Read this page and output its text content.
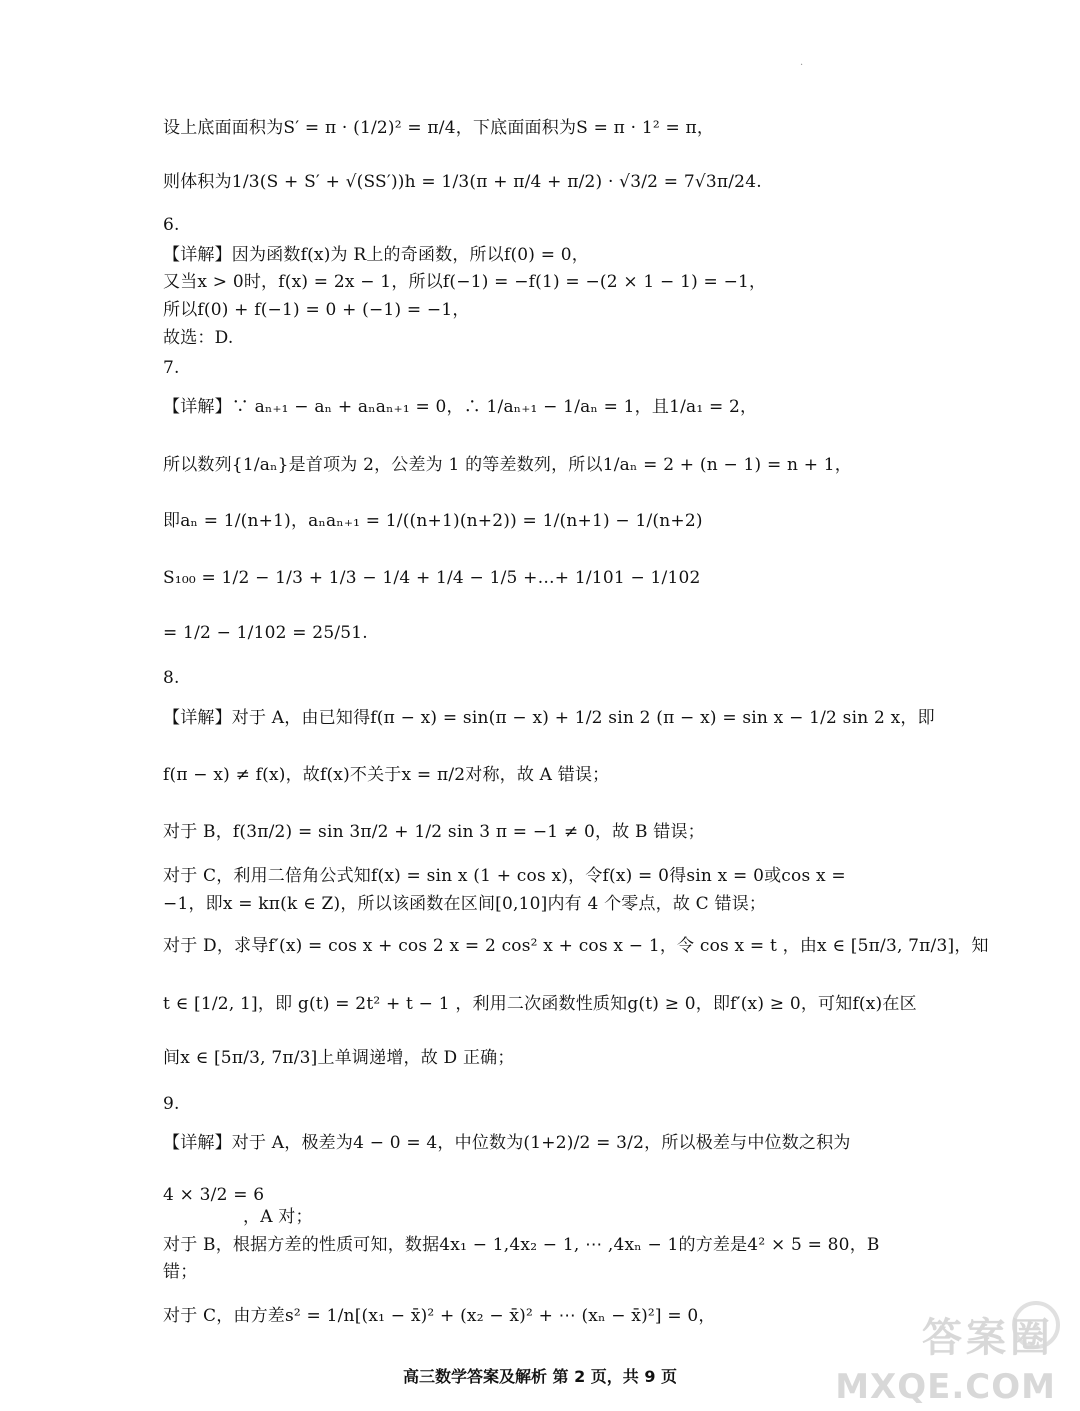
·
设上底面面积为S′ = π · (1/2)² = π/4，下底面面积为S = π · 1² = π，
则体积为1/3(S + S′ + √(SS′))h = 1/3(π + π/4 + π/2) · √3/2 = 7√3π/24.
6.
【详解】因为函数f(x)为 R上的奇函数，所以f(0) = 0，
又当x > 0时，f(x) = 2x − 1，所以f(−1) = −f(1) = −(2 × 1 − 1) = −1，
所以f(0) + f(−1) = 0 + (−1) = −1，
故选：D.
7.
【详解】∵ aₙ₊₁ − aₙ + aₙaₙ₊₁ = 0，∴ 1/aₙ₊₁ − 1/aₙ = 1，且1/a₁ = 2，
所以数列{1/aₙ}是首项为 2，公差为 1 的等差数列，所以1/aₙ = 2 + (n − 1) = n + 1，
即aₙ = 1/(n+1)，aₙaₙ₊₁ = 1/((n+1)(n+2)) = 1/(n+1) − 1/(n+2)
S₁₀₀ = 1/2 − 1/3 + 1/3 − 1/4 + 1/4 − 1/5 +…+ 1/101 − 1/102
= 1/2 − 1/102 = 25/51.
8.
【详解】对于 A，由已知得f(π − x) = sin(π − x) + 1/2 sin 2 (π − x) = sin x − 1/2 sin 2 x，即
f(π − x) ≠ f(x)，故f(x)不关于x = π/2对称，故 A 错误；
对于 B，f(3π/2) = sin 3π/2 + 1/2 sin 3 π = −1 ≠ 0，故 B 错误；
对于 C，利用二倍角公式知f(x) = sin x (1 + cos x)，令f(x) = 0得sin x = 0或cos x =
−1，即x = kπ(k ∈ Z)，所以该函数在区间[0,10]内有 4 个零点，故 C 错误；
对于 D，求导f′(x) = cos x + cos 2 x = 2 cos² x + cos x − 1，令 cos x = t ，由x ∈ [5π/3, 7π/3]，知
t ∈ [1/2, 1]，即 g(t) = 2t² + t − 1 ，利用二次函数性质知g(t) ≥ 0，即f′(x) ≥ 0，可知f(x)在区
间x ∈ [5π/3, 7π/3]上单调递增，故 D 正确；
9.
【详解】对于 A，极差为4 − 0 = 4，中位数为(1+2)/2 = 3/2，所以极差与中位数之积为
4 × 3/2 = 6
，A 对；
对于 B，根据方差的性质可知，数据4x₁ − 1,4x₂ − 1, ⋯ ,4xₙ − 1的方差是4² × 5 = 80，B
错；
对于 C，由方差s² = 1/n[(x₁ − x̄)² + (x₂ − x̄)² + ⋯ (xₙ − x̄)²] = 0，
高三数学答案及解析 第 2 页，共 9 页
答案圈
MXQE.COM
